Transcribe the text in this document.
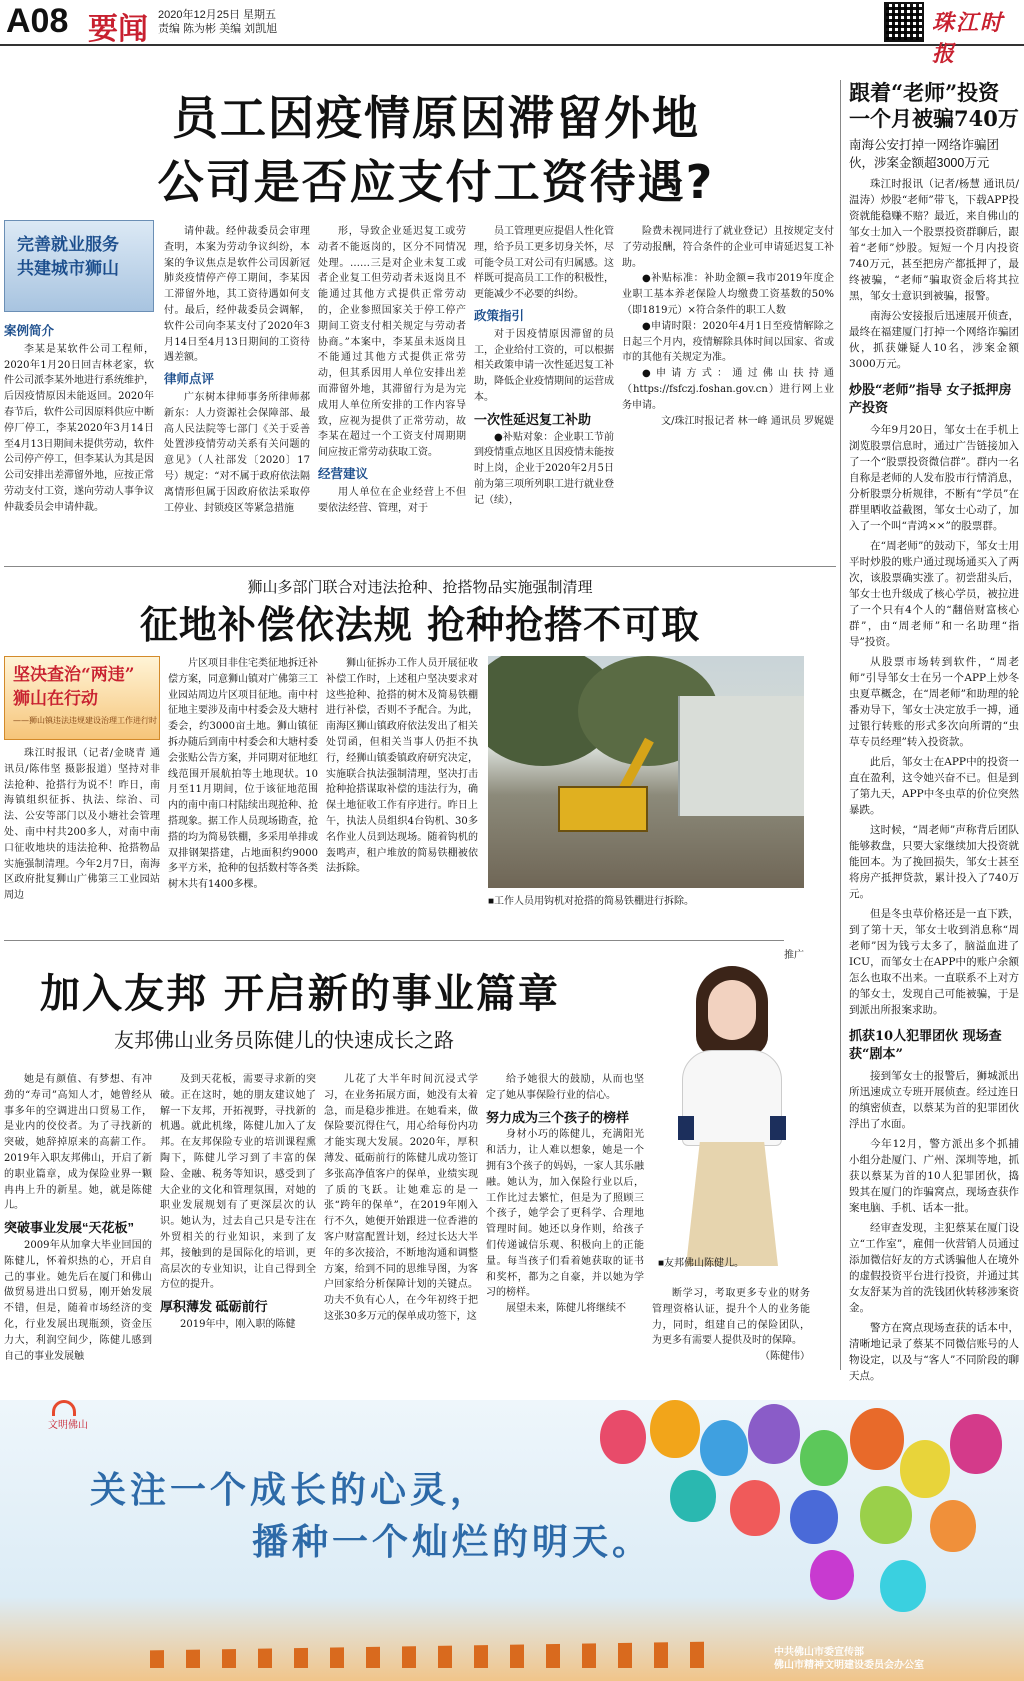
A08 要闻 2020年12月25日 星期五
责编 陈为彬 美编 刘凯旭	珠江时报
员工因疫情原因滞留外地
公司是否应支付工资待遇?
完善就业服务
共建城市狮山
案例简介

李某是某软件公司工程师，2020年1月20日回吉林老家，软件公司派李某外地进行系统维护，后因疫情原因未能返回。2020年春节后，软件公司因原料供应中断停厂停工，李某2020年3月14日至4月13日期间未提供劳动，软件公司停产停工，但李某认为其是因公司安排出差滞留外地，应按正常劳动支付工资，遂向劳动人事争议仲裁委员会申请仲裁。

请仲裁。经仲裁委员会审理查明，本案为劳动争议纠纷，本案的争议焦点是软件公司因新冠肺炎疫情停产停工期间，李某因工滞留外地，其工资待遇如何支付。最后，经仲裁委员会调解，软件公司向李某支付了2020年3月14日至4月13日期间的工资待遇差额。

律师点评

广东树本律师事务所律师郝新东：人力资源社会保障部、最高人民法院等七部门《关于妥善处置涉疫情劳动关系有关问题的意见》（人社部发〔2020〕17号）规定：“对不属于政府依法隔离情形但属于因政府依法采取停工停业、封锁疫区等紧急措施

形，导致企业延迟复工或劳动者不能返岗的，区分不同情况处理。……三是对企业未复工或者企业复工但劳动者未返岗且不能通过其他方式提供正常劳动的，企业参照国家关于停工停产期间工资支付相关规定与劳动者协商。”本案中，李某虽未返岗且不能通过其他方式提供正常劳动，但其系因用人单位安排出差而滞留外地，其滞留行为是为完成用人单位所安排的工作内容导致，应视为提供了正常劳动，故李某在超过一个工资支付周期期间应按正常劳动获取工资。

经营建议

用人单位在企业经营上不但要依法经营、管理，对于

员工管理更应提倡人性化管理，给予员工更多切身关怀，尽可能令员工对公司有归属感。这样既可提高员工工作的积极性，更能减少不必要的纠纷。

政策指引

对于因疫情原因滞留的员工，企业给付工资的，可以根据相关政策申请一次性延迟复工补助，降低企业疫情期间的运营成本。

一次性延迟复工补助

●补贴对象：企业职工节前到疫情重点地区且因疫情未能按时上岗，企业于2020年2月5日前为第三项所列职工进行就业登记（续），

险费未视同进行了就业登记）且按规定支付了劳动报酬，符合条件的企业可申请延迟复工补助。

●补贴标准：补助金额=我市2019年度企业职工基本养老保险人均缴费工资基数的50%（即1819元）×符合条件的职工人数

●申请时限：2020年4月1日至疫情解除之日起三个月内，疫情解除具体时间以国家、省或市的其他有关规定为准。

●申请方式：通过佛山扶持通（https://fsfczj.foshan.gov.cn）进行网上业务申请。

文/珠江时报记者 林一峰 通讯员 罗娓媞

狮山多部门联合对违法抢种、抢搭物品实施强制清理
征地补偿依法规 抢种抢搭不可取
坚决查治“两违”
狮山在行动
——狮山镇违法违规建设治理工作进行时

珠江时报讯（记者/金晓青 通讯员/陈伟坚 摄影报道）坚持对非法抢种、抢搭行为说不！昨日，南海镇组织征拆、执法、综治、司法、公安等部门以及小塘社会管理处、南中村共200多人，对南中南口征收地块的违法抢种、抢搭物品实施强制清理。今年2月7日，南海区政府批复狮山广佛第三工业园站周边

片区项目非住宅类征地拆迁补偿方案，同意狮山镇对广佛第三工业园站周边片区项目征地。南中村征地主要涉及南中村委会及大塘村委会，约3000亩土地。狮山镇征拆办随后到南中村委会和大塘村委会张贴公告方案，并同期对征地红线范围开展航拍等土地现状。10月至11月期间，位于该征地范围内的南中南口村陆续出现抢种、抢搭现象。据工作人员现场勘查，抢搭的均为简易铁棚，多采用单排或双排钢架搭建，占地面积约9000多平方米，抢种的包括数村等各类树木共有1400多棵。

狮山征拆办工作人员开展征收补偿工作时，上述租户坚决要求对这些抢种、抢搭的树木及简易铁棚进行补偿，否则不予配合。为此，南海区狮山镇政府依法发出了相关处罚函，但相关当事人仍拒不执行，经狮山镇委镇政府研究决定，实施联合执法强制清理，坚决打击抢种抢搭谋取补偿的违法行为，确保土地征收工作有序进行。昨日上午，执法人员组织4台钩机、30多名作业人员到达现场。随着钩机的轰鸣声，租户堆放的简易铁棚被依法拆除。

■工作人员用钩机对抢搭的简易铁棚进行拆除。
推广
加入友邦 开启新的事业篇章
友邦佛山业务员陈健儿的快速成长之路

她是有颜值、有梦想、有冲劲的“寿司”高知人才，她曾经从事多年的空调进出口贸易工作，是业内的佼佼者。为了寻找新的突破，她辞掉原来的高薪工作。2019年入职友邦佛山，开启了新的职业篇章，成为保险业界一颗冉冉上升的新星。她，就是陈健儿。

突破事业发展“天花板”

2009年从加拿大毕业回国的陈健儿，怀着炽热的心，开启自己的事业。她先后在厦门和佛山做贸易进出口贸易，刚开始发展不错，但是，随着市场经济的变化，行业发展出现瓶颈，资金压力大，利润空间少，陈健儿感到自己的事业发展触

及到天花板，需要寻求新的突破。正在这时，她的朋友建议她了解一下友邦，开拓视野，寻找新的机遇。就此机缘，陈健儿加入了友邦。在友邦保险专业的培训课程熏陶下，陈健儿学习到了丰富的保险、金融、税务等知识，感受到了大企业的文化和管理氛围，对她的职业发展规划有了更深层次的认识。她认为，过去自己只是专注在外贸相关的行业知识，来到了友邦，接触到的是国际化的培训，更高层次的专业知识，让自己得到全方位的提升。

厚积薄发 砥砺前行

2019年中，刚入职的陈健

儿花了大半年时间沉浸式学习，在业务拓展方面，她没有太着急，而是稳步推进。在她看来，做保险要沉得住气，用心给每份内功才能实现大发展。2020年，厚积薄发、砥砺前行的陈健儿成功签订多张高净值客户的保单，业绩实现了质的飞跃。让她难忘的是一张“跨年的保单”，在2019年刚入行不久，她便开始跟进一位香港的客户财富配置计划，经过长达大半年的多次接洽，不断地沟通和调整方案，给到不同的思维导图，为客户回家给分析保障计划的关键点。功夫不负有心人，在今年初终于把这张30多万元的保单成功签下，这

给予她很大的鼓励，从而也坚定了她从事保险行业的信心。

努力成为三个孩子的榜样

身材小巧的陈健儿，充满阳光和活力，让人难以想象，她是一个拥有3个孩子的妈妈，一家人其乐融融。她认为，加入保险行业以后，工作比过去繁忙，但是为了照顾三个孩子，她学会了更科学、合理地管理时间。她还以身作则，给孩子们传递诚信乐观、积极向上的正能量。每当孩子们看着她获取的证书和奖杯，都为之自豪，并以她为学习的榜样。

展望未来，陈健儿将继续不

■友邦佛山陈健儿。

断学习，考取更多专业的财务管理资格认证，提升个人的业务能力，同时，组建自己的保险团队，为更多有需要人提供及时的保障。

（陈健伟）

跟着“老师”投资
一个月被骗740万
南海公安打掉一网络诈骗团伙，涉案金额超3000万元

珠江时报讯（记者/杨慧 通讯员/温涛）炒股“老师”带飞，下载APP投资就能稳赚不赔？最近，来自佛山的邹女士加入一个股票投资群聊后，跟着“老师”炒股。短短一个月内投资740万元，甚至把房产都抵押了，最终被骗，“老师”骗取资金后将其拉黑，邹女士意识到被骗，报警。

南海公安接报后迅速展开侦查，最终在福建厦门打掉一个网络诈骗团伙，抓获嫌疑人10名，涉案金额3000万元。

炒股“老师”指导 女子抵押房产投资

今年9月20日，邹女士在手机上浏览股票信息时，通过广告链接加入了一个“股票投资微信群”。群内一名自称是老师的人发布股市行情消息，分析股票分析规律，不断有“学员”在群里晒收益截图，邹女士心动了，加入了一个叫“青鸿××”的股票群。

在“周老师”的鼓动下，邹女士用平时炒股的账户通过现场通买入了两次，该股票确实涨了。初尝甜头后，邹女士也升级成了核心学员，被拉进了一个只有4个人的“翻倍财富核心群”，由“周老师”和一名助理“指导”投资。

从股票市场转到软件，“周老师”引导邹女士在另一个APP上炒冬虫夏草概念，在“周老师”和助理的轮番劝导下，邹女士决定放手一搏，通过银行转账的形式多次向所谓的“虫草专员经理”转入投资款。

此后，邹女士在APP中的投资一直在盈利，这令她兴奋不已。但是到了第九天，APP中冬虫草的价位突然暴跌。

这时候，“周老师”声称背后团队能够救盘，只要大家继续加大投资就能回本。为了挽回损失，邹女士甚至将房产抵押贷款，累计投入了740万元。

但是冬虫草价格还是一直下跌，到了第十天，邹女士收到消息称“周老师”因为钱亏太多了，脑溢血进了ICU，而邹女士在APP中的账户余额怎么也取不出来。一直联系不上对方的邹女士，发现自己可能被骗，于是到派出所报案求助。

抓获10人犯罪团伙 现场查获“剧本”

接到邹女士的报警后，狮城派出所迅速成立专班开展侦查。经过连日的缜密侦查，以蔡某为首的犯罪团伙浮出了水面。

今年12月，警方派出多个抓捕小组分赴厦门、广州、深圳等地，抓获以蔡某为首的10人犯罪团伙，捣毁其在厦门的诈骗窝点，现场查获作案电脑、手机、话本一批。

经审查发现，主犯蔡某在厦门设立“工作室”，雇佣一伙营销人员通过添加微信好友的方式诱骗他人在境外的虚假投资平台进行投资，并通过其女友舒某为首的洗钱团伙转移涉案资金。

警方在窝点现场查获的话本中，清晰地记录了蔡某不同微信账号的人物设定，以及与“客人”不同阶段的聊天点。

文明佛山
关注一个成长的心灵，
播种一个灿烂的明天。
中共佛山市委宣传部
佛山市精神文明建设委员会办公室
